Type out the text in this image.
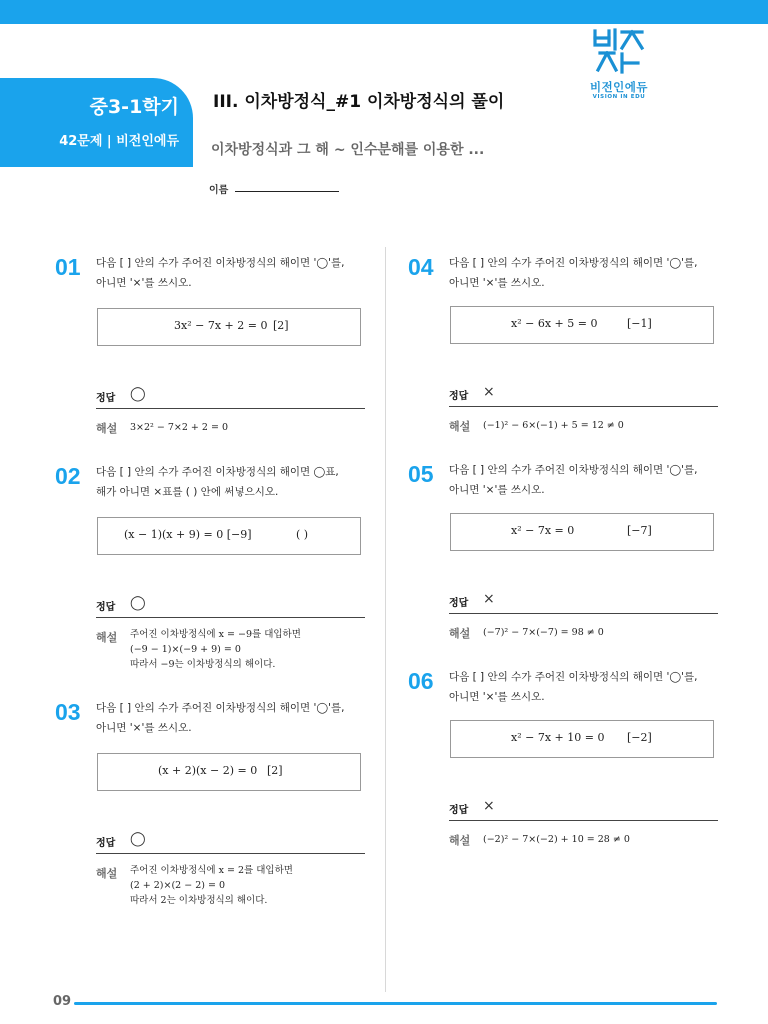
중3-1학기
42문제 | 비전인에듀
III. 이차방정식_#1 이차방정식의 풀이
이차방정식과 그 해 ~ 인수분해를 이용한 ...
이름
비전인에듀
VISION IN EDU
01 다음 [ ] 안의 수가 주어진 이차방정식의 해이면 '◯'를,
아니면 '×'를 쓰시오.
3x² − 7x + 2 = 0 [2]
정답 ◯
해설 3×2² − 7×2 + 2 = 0
02 다음 [ ] 안의 수가 주어진 이차방정식의 해이면 ◯표,
해가 아니면 ×표를 ( ) 안에 써넣으시오.
(x − 1)(x + 9) = 0 [−9]	( )
정답 ◯
해설 주어진 이차방정식에 x = −9를 대입하면
(−9 − 1)×(−9 + 9) = 0
따라서 −9는 이차방정식의 해이다.
03 다음 [ ] 안의 수가 주어진 이차방정식의 해이면 '◯'를,
아니면 '×'를 쓰시오.
(x + 2)(x − 2) = 0 [2]
정답 ◯
해설 주어진 이차방정식에 x = 2를 대입하면
(2 + 2)×(2 − 2) = 0
따라서 2는 이차방정식의 해이다.
04 다음 [ ] 안의 수가 주어진 이차방정식의 해이면 '◯'를,
아니면 '×'를 쓰시오.
x² − 6x + 5 = 0	[−1]
정답 ×
해설 (−1)² − 6×(−1) + 5 = 12 ≠ 0
05 다음 [ ] 안의 수가 주어진 이차방정식의 해이면 '◯'를,
아니면 '×'를 쓰시오.
x² − 7x = 0	[−7]
정답 ×
해설 (−7)² − 7×(−7) = 98 ≠ 0
06 다음 [ ] 안의 수가 주어진 이차방정식의 해이면 '◯'를,
아니면 '×'를 쓰시오.
x² − 7x + 10 = 0 [−2]
정답 ×
해설 (−2)² − 7×(−2) + 10 = 28 ≠ 0
09
